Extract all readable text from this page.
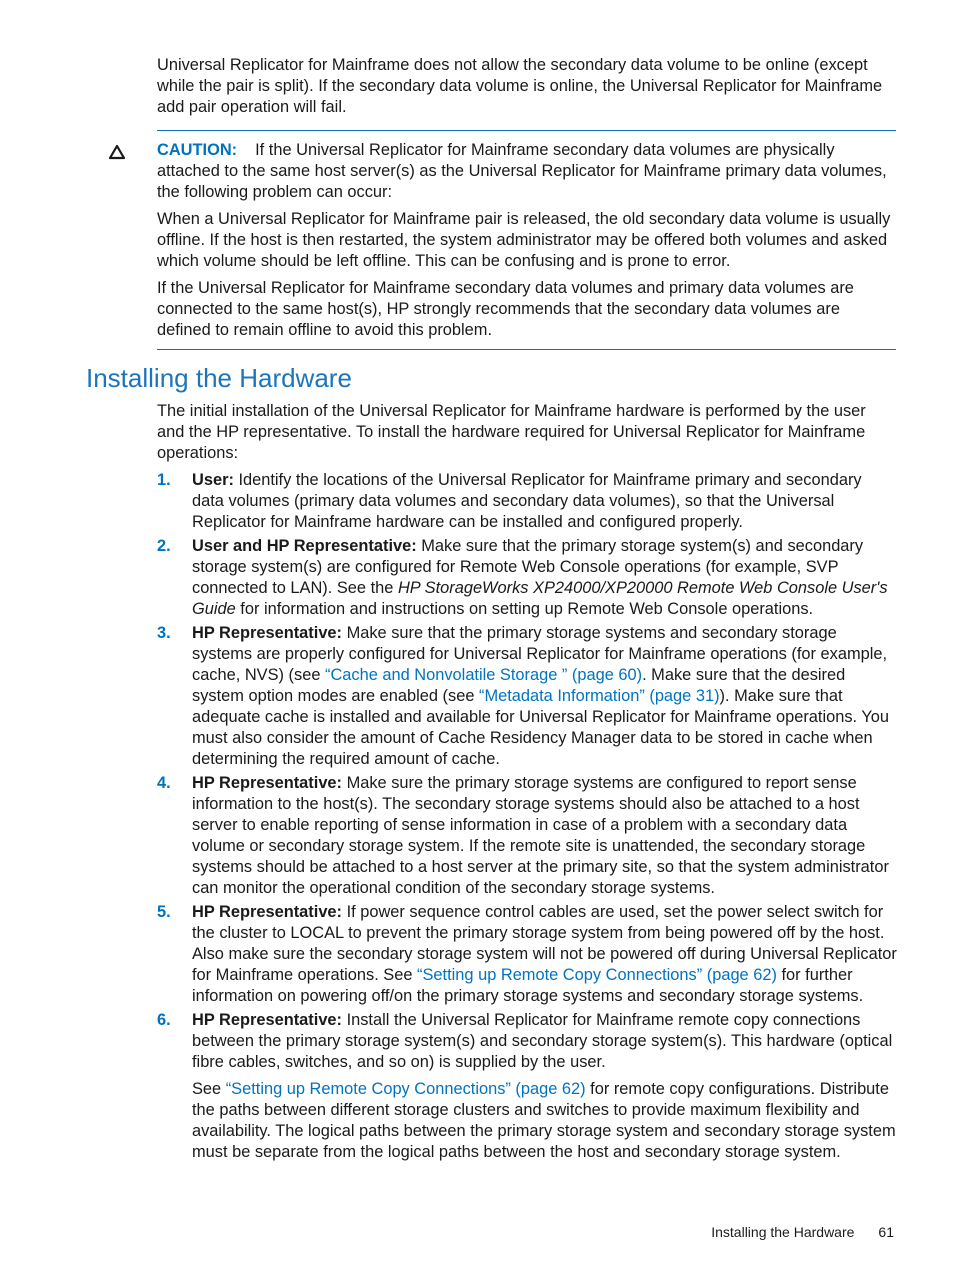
Universal Replicator for Mainframe does not allow the secondary data volume to be online (except while the pair is split). If the secondary data volume is online, the Universal Replicator for Mainframe add pair operation will fail.

CAUTION: If the Universal Replicator for Mainframe secondary data volumes are physically attached to the same host server(s) as the Universal Replicator for Mainframe primary data volumes, the following problem can occur:

When a Universal Replicator for Mainframe pair is released, the old secondary data volume is usually offline. If the host is then restarted, the system administrator may be offered both volumes and asked which volume should be left offline. This can be confusing and is prone to error.

If the Universal Replicator for Mainframe secondary data volumes and primary data volumes are connected to the same host(s), HP strongly recommends that the secondary data volumes are defined to remain offline to avoid this problem.

Installing the Hardware

The initial installation of the Universal Replicator for Mainframe hardware is performed by the user and the HP representative. To install the hardware required for Universal Replicator for Mainframe operations:

1. User: Identify the locations of the Universal Replicator for Mainframe primary and secondary data volumes (primary data volumes and secondary data volumes), so that the Universal Replicator for Mainframe hardware can be installed and configured properly.
2. User and HP Representative: Make sure that the primary storage system(s) and secondary storage system(s) are configured for Remote Web Console operations (for example, SVP connected to LAN). See the HP StorageWorks XP24000/XP20000 Remote Web Console User's Guide for information and instructions on setting up Remote Web Console operations.
3. HP Representative: Make sure that the primary storage systems and secondary storage systems are properly configured for Universal Replicator for Mainframe operations (for example, cache, NVS) (see “Cache and Nonvolatile Storage ” (page 60). Make sure that the desired system option modes are enabled (see “Metadata Information” (page 31)). Make sure that adequate cache is installed and available for Universal Replicator for Mainframe operations. You must also consider the amount of Cache Residency Manager data to be stored in cache when determining the required amount of cache.
4. HP Representative: Make sure the primary storage systems are configured to report sense information to the host(s). The secondary storage systems should also be attached to a host server to enable reporting of sense information in case of a problem with a secondary data volume or secondary storage system. If the remote site is unattended, the secondary storage systems should be attached to a host server at the primary site, so that the system administrator can monitor the operational condition of the secondary storage systems.
5. HP Representative: If power sequence control cables are used, set the power select switch for the cluster to LOCAL to prevent the primary storage system from being powered off by the host. Also make sure the secondary storage system will not be powered off during Universal Replicator for Mainframe operations. See “Setting up Remote Copy Connections” (page 62) for further information on powering off/on the primary storage systems and secondary storage systems.
6. HP Representative: Install the Universal Replicator for Mainframe remote copy connections between the primary storage system(s) and secondary storage system(s). This hardware (optical fibre cables, switches, and so on) is supplied by the user.

See “Setting up Remote Copy Connections” (page 62) for remote copy configurations. Distribute the paths between different storage clusters and switches to provide maximum flexibility and availability. The logical paths between the primary storage system and secondary storage system must be separate from the logical paths between the host and secondary storage system.

Installing the Hardware 61
